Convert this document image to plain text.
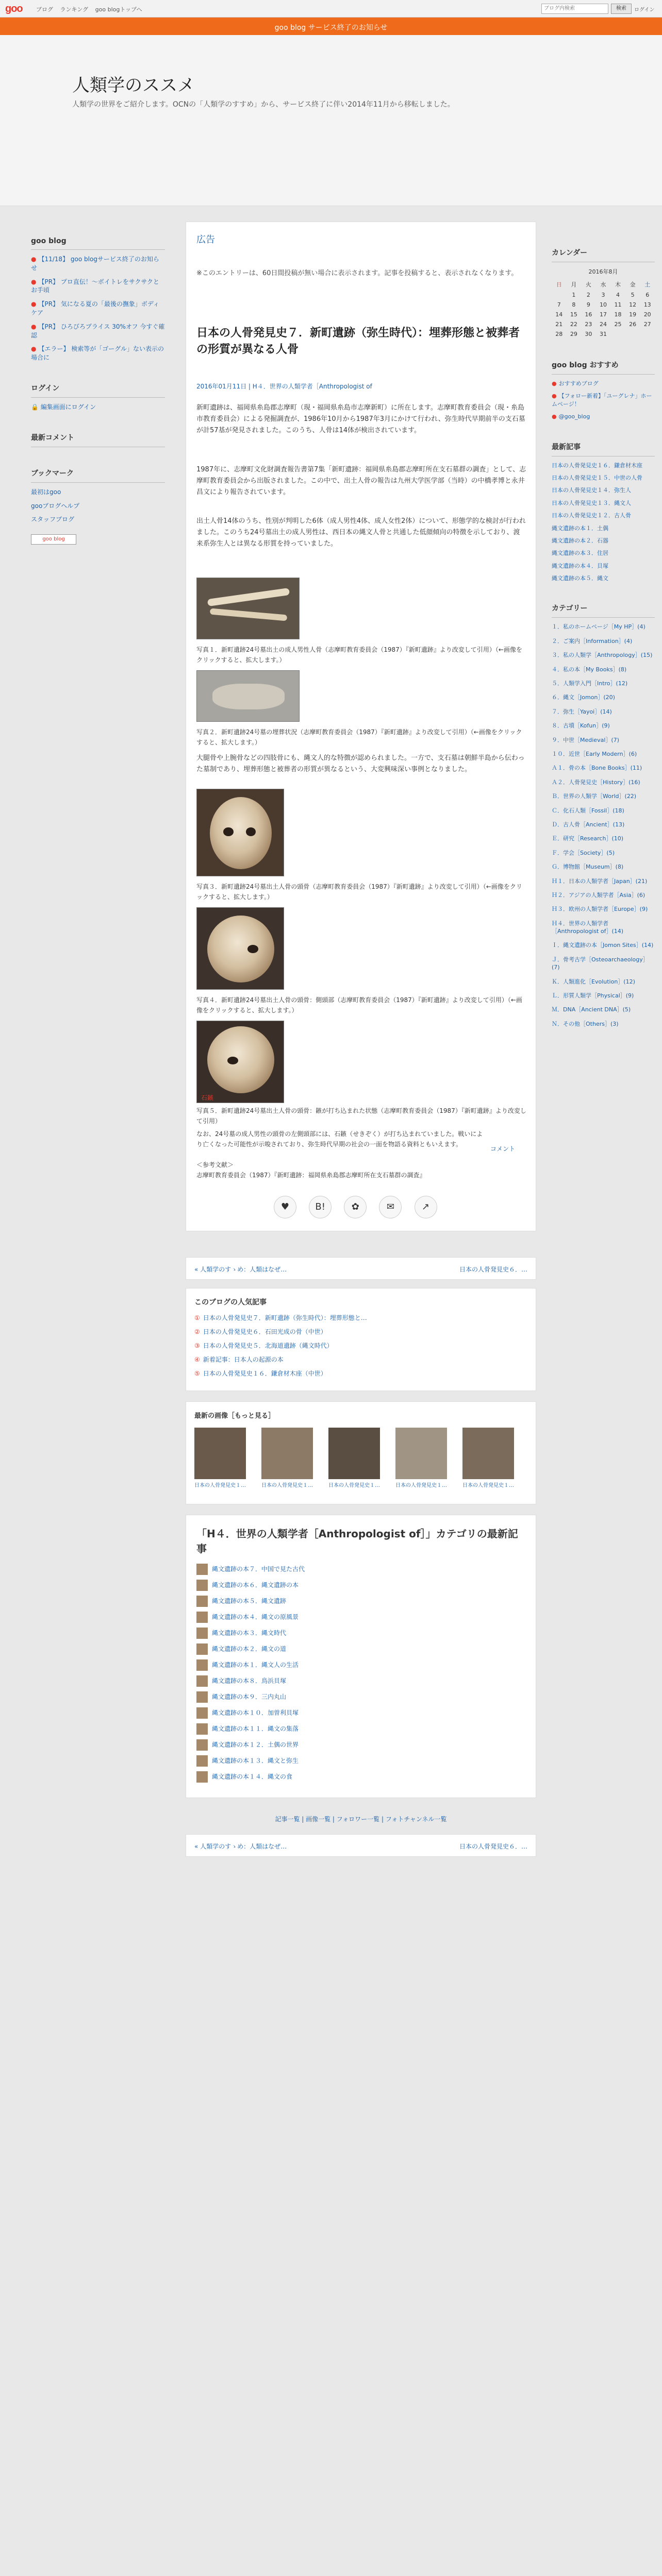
goo ブログ ランキング goo blogトップへ	ブログ内検索	検索	ログイン
goo blog サービス終了のお知らせ
人類学のススメ
人類学の世界をご紹介します。OCNの「人類学のすすめ」から、サービス終了に伴い2014年11月から移転しました。
goo blog
● 【11/18】 goo blogサービス終了のお知らせ
● 【PR】 プロ直伝！～ボイトレをサクサクとお手頃
● 【PR】 気になる夏の「最後の撫象」ボディケア
● 【PR】 ひろびろプライス 30%オフ 今すぐ確認
● 【エラー】 検索等が「ゴーグル」ない表示の場合に
ログイン
🔒 編集画面にログイン
最新コメント
ブックマーク
最初はgoo
gooブログヘルプ
スタッフブログ
goo blog
広告
※このエントリーは、60日間投稿が無い場合に表示されます。記事を投稿すると、表示されなくなります。
日本の人骨発見史７．新町遺跡（弥生時代）：埋葬形態と被葬者の形質が異なる人骨
2016年01月11日 | H４．世界の人類学者［Anthropologist of
新町遺跡は、福岡県糸島郡志摩町（現・福岡県糸島市志摩新町）に所在します。志摩町教育委員会（現・糸島市教育委員会）による発掘調査が、1986年10月から1987年3月にかけて行われ、弥生時代早期前半の支石墓が計57基が発見されました。このうち、人骨は14体が検出されています。
1987年に、志摩町文化財調査報告書第7集「新町遺跡：福岡県糸島郡志摩町所在支石墓群の調査」として、志摩町教育委員会から出版されました。この中で、出土人骨の報告は九州大学医学部（当時）の中橋孝博と永井昌文により報告されています。
出土人骨14体のうち、性別が判明した6体（成人男性4体、成人女性2体）について、形態学的な検討が行われました。このうち24号墓出土の成人男性は、西日本の縄文人骨と共通した低顔傾向の特徴を示しており、渡来系弥生人とは異なる形質を持っていました。
写真１．新町遺跡24号墓出土の成人男性人骨（志摩町教育委員会（1987）『新町遺跡』より改変して引用）（←画像をクリックすると、拡大します。）
写真２．新町遺跡24号墓の埋葬状況（志摩町教育委員会（1987）『新町遺跡』より改変して引用）（←画像をクリックすると、拡大します。）
大腿骨や上腕骨などの四肢骨にも、縄文人的な特徴が認められました。一方で、支石墓は朝鮮半島から伝わった墓制であり、埋葬形態と被葬者の形質が異なるという、大変興味深い事例となりました。
写真３．新町遺跡24号墓出土人骨の頭骨（志摩町教育委員会（1987）『新町遺跡』より改変して引用）（←画像をクリックすると、拡大します。）
写真４．新町遺跡24号墓出土人骨の頭骨：側頭部（志摩町教育委員会（1987）『新町遺跡』より改変して引用）（←画像をクリックすると、拡大します。）
石鏃
写真５．新町遺跡24号墓出土人骨の頭骨：鏃が打ち込まれた状態（志摩町教育委員会（1987）『新町遺跡』より改変して引用）
なお、24号墓の成人男性の頭骨の左側頭部には、石鏃（せきぞく）が打ち込まれていました。戦いにより亡くなった可能性が示唆されており、弥生時代早期の社会の一面を物語る資料ともいえます。
＜参考文献＞
志摩町教育委員会（1987）『新町遺跡：福岡県糸島郡志摩町所在支石墓群の調査』
コメント
♥	B!	✿	✉	↗
« 人類学のすゝめ：人類はなぜ…	日本の人骨発見史６．…
このブログの人気記事
① 日本の人骨発見史７．新町遺跡（弥生時代）：埋葬形態と…
② 日本の人骨発見史６．石田光成の骨（中世）
③ 日本の人骨発見史５．北海道遺跡（縄文時代）
④ 新着記事：日本人の起源の本
⑤ 日本の人骨発見史１６．鎌倉材木座（中世）
最新の画像［もっと見る］
日本の人骨発見史１…	日本の人骨発見史１…	日本の人骨発見史１…	日本の人骨発見史１…	日本の人骨発見史１…
「H４．世界の人類学者［Anthropologist of］」カテゴリの最新記事
縄文遺跡の本７．中国で見た古代
縄文遺跡の本６．縄文遺跡の本
縄文遺跡の本５．縄文遺跡
縄文遺跡の本４．縄文の原風景
縄文遺跡の本３．縄文時代
縄文遺跡の本２．縄文の道
縄文遺跡の本１．縄文人の生活
縄文遺跡の本８．鳥浜貝塚
縄文遺跡の本９．三内丸山
縄文遺跡の本１０．加曽利貝塚
縄文遺跡の本１１．縄文の集落
縄文遺跡の本１２．土偶の世界
縄文遺跡の本１３．縄文と弥生
縄文遺跡の本１４．縄文の食
記事一覧 | 画像一覧 | フォロワー一覧 | フォトチャンネル一覧
« 人類学のすゝめ：人類はなぜ…	日本の人骨発見史６．…
カレンダー
2016年8月
日	月	火	水	木	金	土
	1	2	3	4	5	6
7	8	9	10	11	12	13
14	15	16	17	18	19	20
21	22	23	24	25	26	27
28	29	30	31			
goo blog おすすめ
● おすすめブログ
● 【フォロー新着】「ユーグレナ」ホームページ！
● @goo_blog
最新記事
日本の人骨発見史１６．鎌倉材木座
日本の人骨発見史１５．中世の人骨
日本の人骨発見史１４．弥生人
日本の人骨発見史１３．縄文人
日本の人骨発見史１２．古人骨
縄文遺跡の本１．土偶
縄文遺跡の本２．石器
縄文遺跡の本３．住居
縄文遺跡の本４．貝塚
縄文遺跡の本５．縄文
カテゴリー
１．私のホームページ［My HP］(4)
２．ご案内［Information］(4)
３．私の人類学［Anthropology］(15)
４．私の本［My Books］(8)
５．人類学入門［Intro］(12)
６．縄文［Jomon］(20)
７．弥生［Yayoi］(14)
８．古墳［Kofun］(9)
９．中世［Medieval］(7)
１０．近世［Early Modern］(6)
Ａ１．骨の本［Bone Books］(11)
Ａ２．人骨発見史［History］(16)
Ｂ．世界の人類学［World］(22)
Ｃ．化石人類［Fossil］(18)
Ｄ．古人骨［Ancient］(13)
Ｅ．研究［Research］(10)
Ｆ．学会［Society］(5)
Ｇ．博物館［Museum］(8)
Ｈ１．日本の人類学者［Japan］(21)
Ｈ２．アジアの人類学者［Asia］(6)
Ｈ３．欧州の人類学者［Europe］(9)
Ｈ４．世界の人類学者［Anthropologist of］(14)
Ｉ．縄文遺跡の本［Jomon Sites］(14)
Ｊ．骨考古学［Osteoarchaeology］(7)
Ｋ．人類進化［Evolution］(12)
Ｌ．形質人類学［Physical］(9)
Ｍ．DNA［Ancient DNA］(5)
Ｎ．その他［Others］(3)
